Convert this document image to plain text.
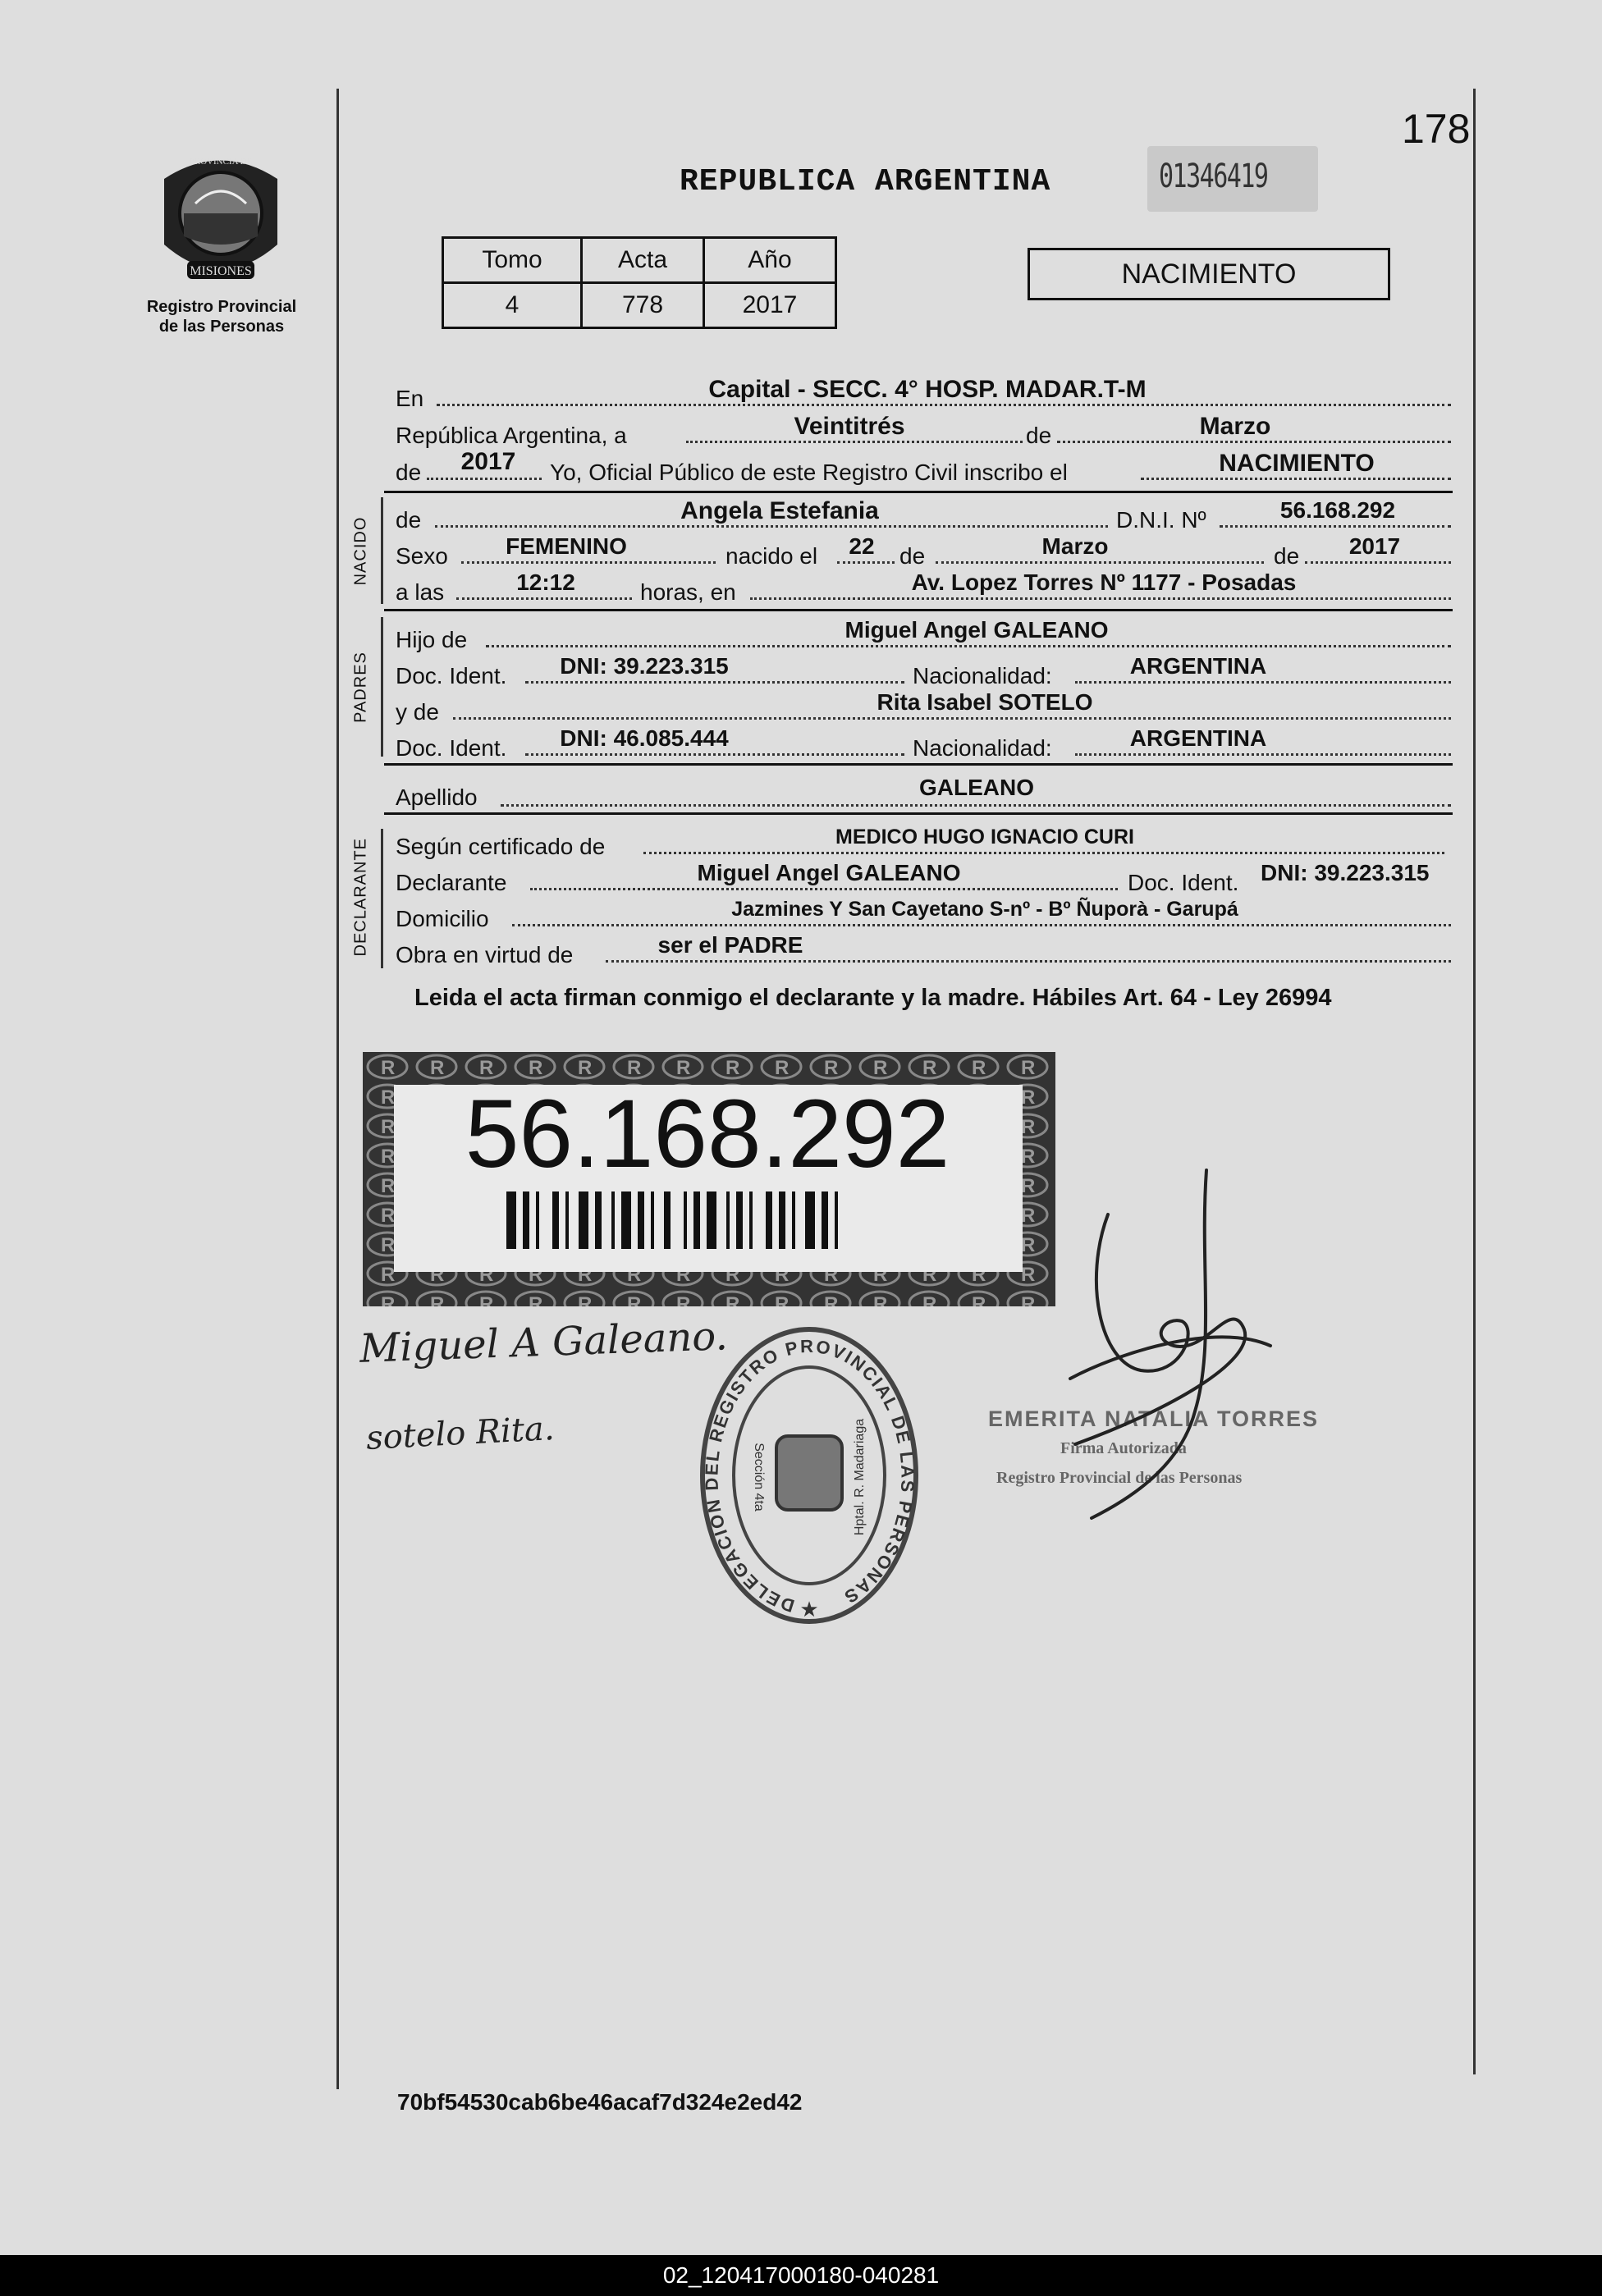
178
MISIONES
PROVINCIA DE
Registro Provincial
de las Personas
REPUBLICA ARGENTINA	01346419
Tomo	Acta	Año
4	778	2017
NACIMIENTO
En	Capital - SECC. 4° HOSP. MADAR.T-M
República Argentina, a	Veintitrés	de	Marzo
de	2017	Yo, Oficial Público de este Registro Civil inscribo el	NACIMIENTO
NACIDO de	Angela Estefania	D.N.I. Nº	56.168.292
Sexo	FEMENINO	nacido el	22	de	Marzo	de	2017
a las	12:12	horas, en	Av. Lopez Torres Nº 1177 - Posadas
PADRES
Hijo de	Miguel Angel GALEANO
Doc. Ident.	DNI: 39.223.315	Nacionalidad:	ARGENTINA
y de	Rita Isabel SOTELO
Doc. Ident.	DNI: 46.085.444	Nacionalidad:	ARGENTINA
Apellido	GALEANO
DECLARANTE Según certificado de	MEDICO HUGO IGNACIO CURI
Declarante	Miguel Angel GALEANO	Doc. Ident. DNI: 39.223.315
Domicilio	Jazmines Y San Cayetano S-nº - Bº Ñuporà - Garupá
Obra en virtud de	ser el PADRE
Leida el acta firman conmigo el declarante y la madre. Hábiles Art. 64 - Ley 26994
56.168.292
Miguel A Galeano.
sotelo Rita.
DELEGACION DEL REGISTRO PROVINCIAL DE LAS PERSONAS
Sección 4ta	Hptal. R. Madariaga
★
EMERITA NATALIA TORRES
Firma Autorizada
Registro Provincial de las Personas
70bf54530cab6be46acaf7d324e2ed42
02_120417000180-040281
